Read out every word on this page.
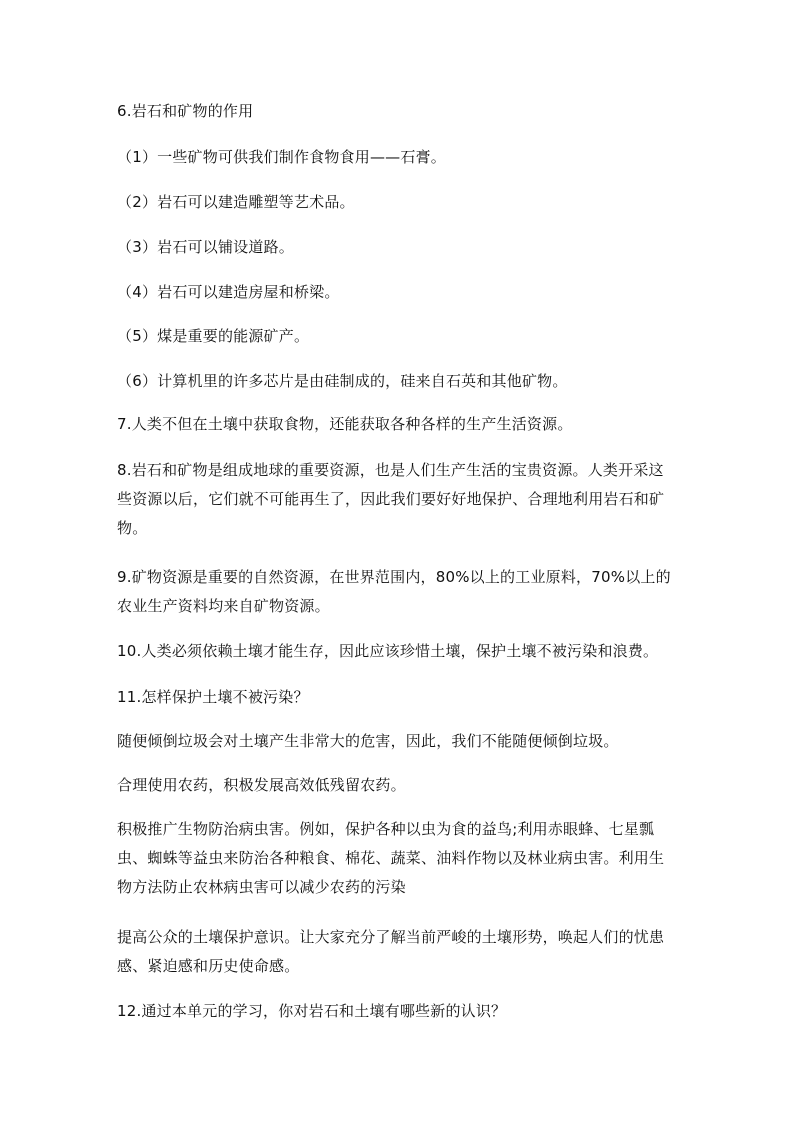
6.岩石和矿物的作用

（1）一些矿物可供我们制作食物食用——石膏。

（2）岩石可以建造雕塑等艺术品。

（3）岩石可以铺设道路。

（4）岩石可以建造房屋和桥梁。

（5）煤是重要的能源矿产。

（6）计算机里的许多芯片是由硅制成的，硅来自石英和其他矿物。

7.人类不但在土壤中获取食物，还能获取各种各样的生产生活资源。

8.岩石和矿物是组成地球的重要资源，也是人们生产生活的宝贵资源。人类开采这些资源以后，它们就不可能再生了，因此我们要好好地保护、合理地利用岩石和矿物。

9.矿物资源是重要的自然资源，在世界范围内，80%以上的工业原料，70%以上的农业生产资料均来自矿物资源。

10.人类必须依赖土壤才能生存，因此应该珍惜土壤，保护土壤不被污染和浪费。

11.怎样保护土壤不被污染？

随便倾倒垃圾会对土壤产生非常大的危害，因此，我们不能随便倾倒垃圾。

合理使用农药，积极发展高效低残留农药。

积极推广生物防治病虫害。例如，保护各种以虫为食的益鸟;利用赤眼蜂、七星瓢虫、蜘蛛等益虫来防治各种粮食、棉花、蔬菜、油料作物以及林业病虫害。利用生物方法防止农林病虫害可以减少农药的污染

提高公众的土壤保护意识。让大家充分了解当前严峻的土壤形势，唤起人们的忧患感、紧迫感和历史使命感。

12.通过本单元的学习，你对岩石和土壤有哪些新的认识？
